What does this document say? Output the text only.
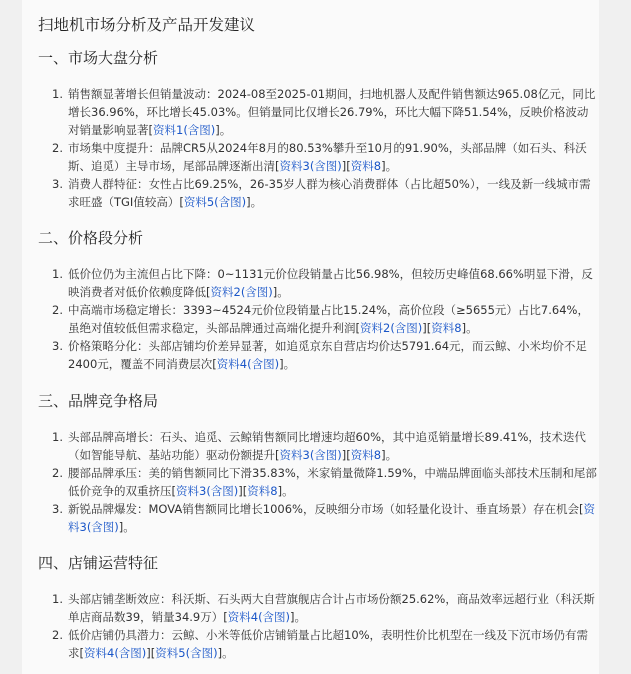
扫地机市场分析及产品开发建议
一、市场大盘分析
销售额显著增长但销量波动：2024-08至2025-01期间，扫地机器人及配件销售额达965.08亿元，同比增长36.96%，环比增长45.03%。但销量同比仅增长26.79%，环比大幅下降51.54%，反映价格波动对销量影响显著[资料1(含图)]。
市场集中度提升：品牌CR5从2024年8月的80.53%攀升至10月的91.90%，头部品牌（如石头、科沃斯、追觅）主导市场，尾部品牌逐渐出清[资料3(含图)][资料8]。
消费人群特征：女性占比69.25%，26-35岁人群为核心消费群体（占比超50%），一线及新一线城市需求旺盛（TGI值较高）[资料5(含图)]。
二、价格段分析
低价位仍为主流但占比下降：0~1131元价位段销量占比56.98%，但较历史峰值68.66%明显下滑，反映消费者对低价依赖度降低[资料2(含图)]。
中高端市场稳定增长：3393~4524元价位段销量占比15.24%，高价位段（≥5655元）占比7.64%，虽绝对值较低但需求稳定，头部品牌通过高端化提升利润[资料2(含图)][资料8]。
价格策略分化：头部店铺均价差异显著，如追觅京东自营店均价达5791.64元，而云鲸、小米均价不足2400元，覆盖不同消费层次[资料4(含图)]。
三、品牌竞争格局
头部品牌高增长：石头、追觅、云鲸销售额同比增速均超60%，其中追觅销量增长89.41%，技术迭代（如智能导航、基站功能）驱动份额提升[资料3(含图)][资料8]。
腰部品牌承压：美的销售额同比下滑35.83%，米家销量微降1.59%，中端品牌面临头部技术压制和尾部低价竞争的双重挤压[资料3(含图)][资料8]。
新锐品牌爆发：MOVA销售额同比增长1006%，反映细分市场（如轻量化设计、垂直场景）存在机会[资料3(含图)]。
四、店铺运营特征
头部店铺垄断效应：科沃斯、石头两大自营旗舰店合计占市场份额25.62%，商品效率远超行业（科沃斯单店商品数39，销量34.9万）[资料4(含图)]。
低价店铺仍具潜力：云鲸、小米等低价店铺销量占比超10%，表明性价比机型在一线及下沉市场仍有需求[资料4(含图)][资料5(含图)]。
